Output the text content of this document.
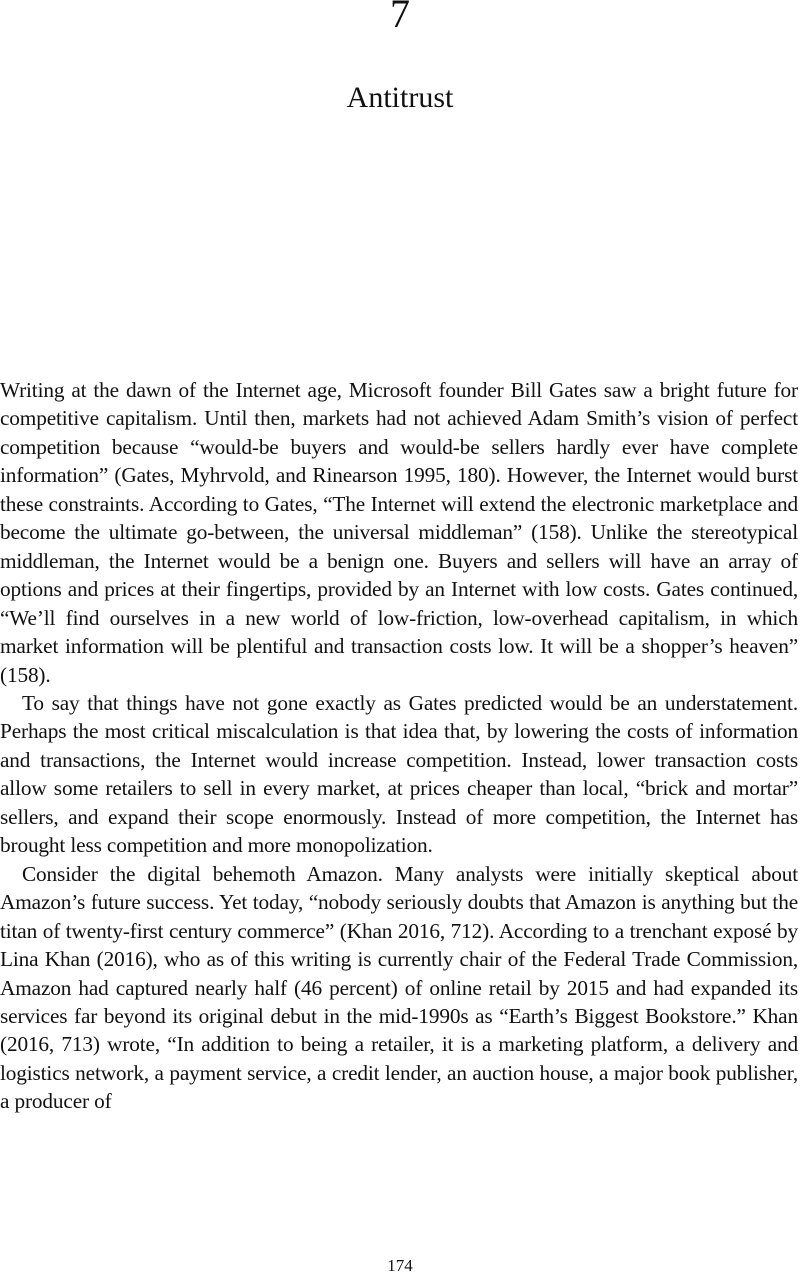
7
Antitrust

Writing at the dawn of the Internet age, Microsoft founder Bill Gates saw a bright future for competitive capitalism. Until then, markets had not achieved Adam Smith’s vision of perfect competition because “would-be buyers and would-be sellers hardly ever have complete information” (Gates, Myhrvold, and Rinearson 1995, 180). However, the Internet would burst these constraints. According to Gates, “The Internet will extend the electronic marketplace and become the ultimate go-between, the universal middleman” (158). Unlike the stereotypical middleman, the Internet would be a benign one. Buyers and sellers will have an array of options and prices at their fingertips, provided by an Internet with low costs. Gates continued, “We’ll find ourselves in a new world of low-friction, low-overhead capitalism, in which market information will be plentiful and transaction costs low. It will be a shopper’s heaven” (158).

To say that things have not gone exactly as Gates predicted would be an understatement. Perhaps the most critical miscalculation is that idea that, by lowering the costs of information and transactions, the Internet would increase competition. Instead, lower transaction costs allow some retailers to sell in every market, at prices cheaper than local, “brick and mortar” sellers, and expand their scope enormously. Instead of more competition, the Internet has brought less competition and more monopolization.

Consider the digital behemoth Amazon. Many analysts were initially skeptical about Amazon’s future success. Yet today, “nobody seriously doubts that Amazon is anything but the titan of twenty-first century commerce” (Khan 2016, 712). According to a trenchant exposé by Lina Khan (2016), who as of this writing is currently chair of the Federal Trade Commission, Amazon had captured nearly half (46 percent) of online retail by 2015 and had expanded its services far beyond its original debut in the mid-1990s as “Earth’s Biggest Bookstore.” Khan (2016, 713) wrote, “In addition to being a retailer, it is a marketing platform, a delivery and logistics network, a payment service, a credit lender, an auction house, a major book publisher, a producer of

174
